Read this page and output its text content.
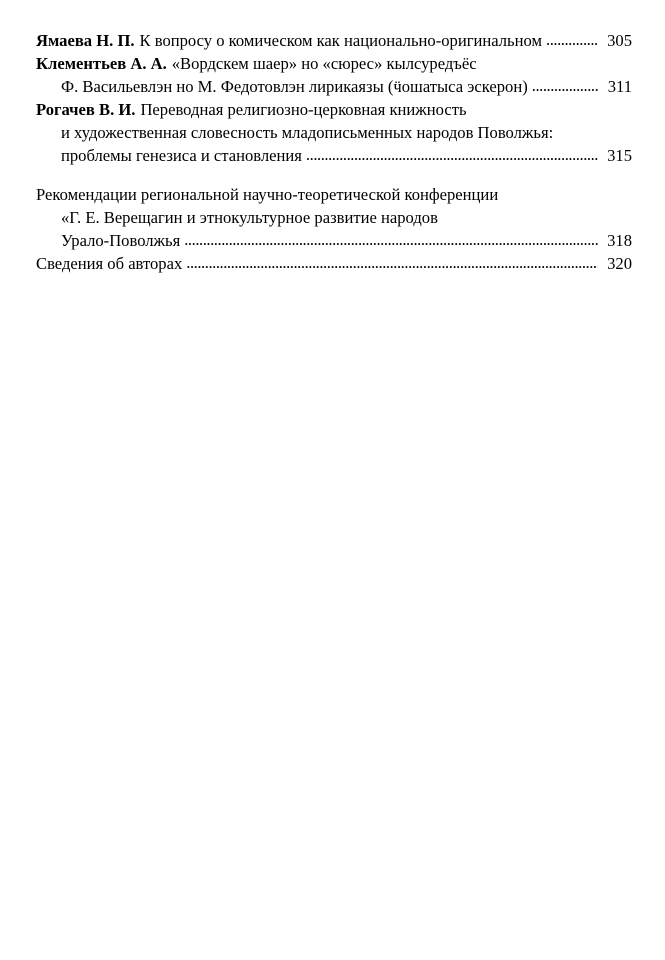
Ямаева Н. П. К вопросу о комическом как национально-оригинальном . . .	305
Клементьев А. А. «Вордскем шаер» но «сюрес» кылсуредъёс
Ф. Васильевлэн но М. Федотовлэн лирикаязы (ӵошатыса эскерон) . . .	311
Рогачев В. И. Переводная религиозно-церковная книжность
и художественная словесность младописьменных народов Поволжья:
проблемы генезиса и становления . . .	315
Рекомендации региональной научно-теоретической конференции
«Г. Е. Верещагин и этнокультурное развитие народов
Урало-Поволжья . . .	318
Сведения об авторах . . .	320
